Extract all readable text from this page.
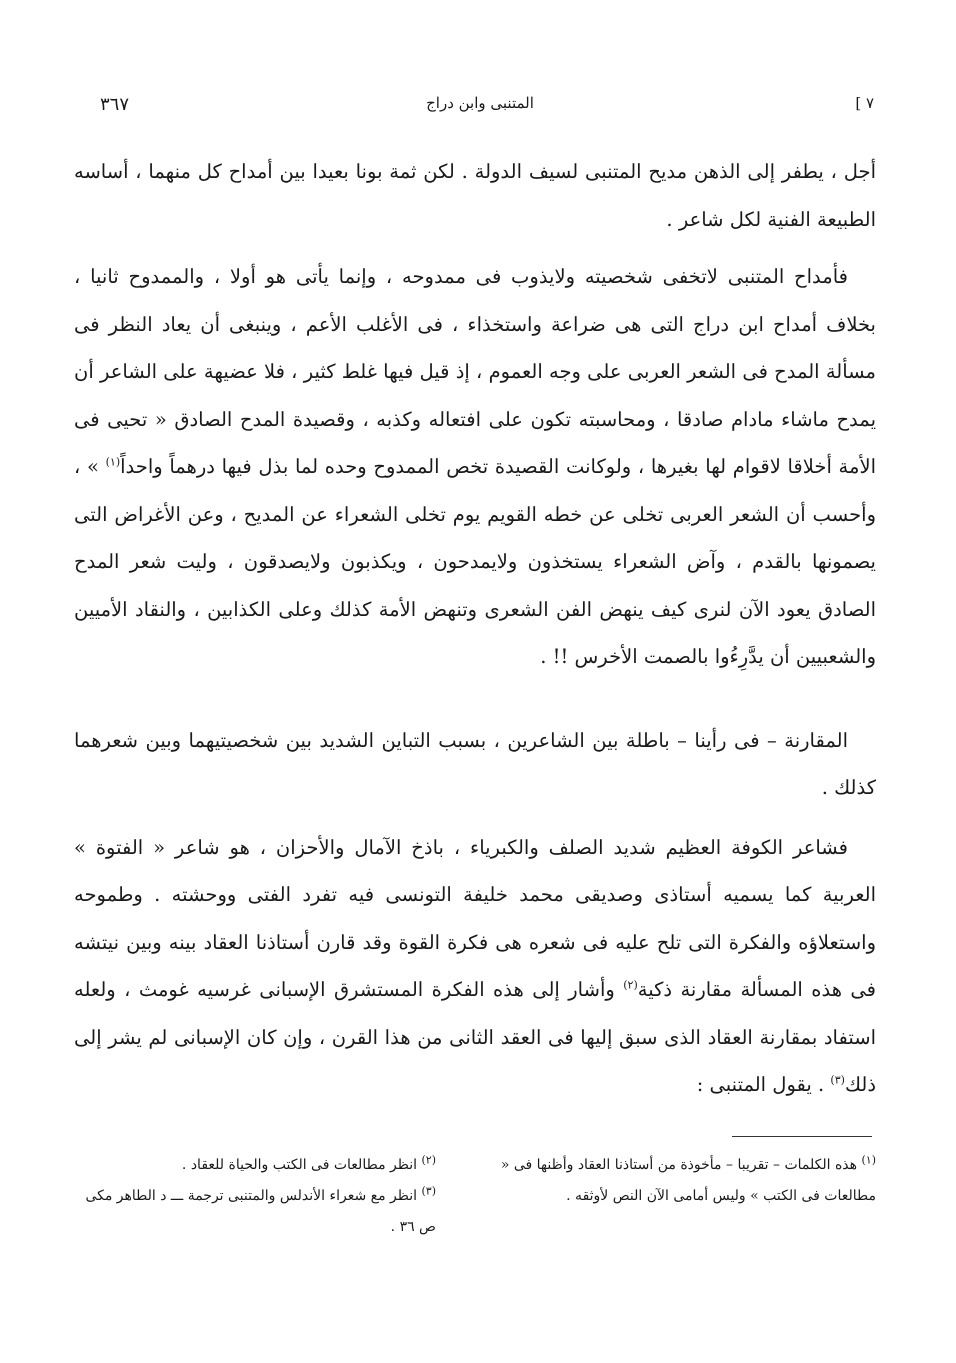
٣٦٧	المتنبى وابن دراج	[ ٧

أجل ، يطفر إلى الذهن مديح المتنبى لسيف الدولة . لكن ثمة بونا بعيدا بين أمداح كل منهما ، أساسه الطبيعة الفنية لكل شاعر .

فأمداح المتنبى لاتخفى شخصيته ولايذوب فى ممدوحه ، وإنما يأتى هو أولا ، والممدوح ثانيا ، بخلاف أمداح ابن دراج التى هى ضراعة واستخذاء ، فى الأغلب الأعم ، وينبغى أن يعاد النظر فى مسألة المدح فى الشعر العربى على وجه العموم ، إذ قيل فيها غلط كثير ، فلا عضيهة على الشاعر أن يمدح ماشاء مادام صادقا ، ومحاسبته تكون على افتعاله وكذبه ، وقصيدة المدح الصادق « تحيى فى الأمة أخلاقا لاقوام لها بغيرها ، ولوكانت القصيدة تخص الممدوح وحده لما بذل فيها درهماً واحداً$^{(١)}$ » ، وأحسب أن الشعر العربى تخلى عن خطه القويم يوم تخلى الشعراء عن المديح ، وعن الأغراض التى يصمونها بالقدم ، وآض الشعراء يستخذون ولايمدحون ، ويكذبون ولايصدقون ، وليت شعر المدح الصادق يعود الآن لنرى كيف ينهض الفن الشعرى وتنهض الأمة كذلك وعلى الكذابين ، والنقاد الأميين والشعبيين أن يدَّرِءُوا بالصمت الأخرس !! .

المقارنة – فى رأينا – باطلة بين الشاعرين ، بسبب التباين الشديد بين شخصيتيهما وبين شعرهما كذلك .

فشاعر الكوفة العظيم شديد الصلف والكبرياء ، باذخ الآمال والأحزان ، هو شاعر « الفتوة » العربية كما يسميه أستاذى وصديقى محمد خليفة التونسى فيه تفرد الفتى ووحشته . وطموحه واستعلاؤه والفكرة التى تلح عليه فى شعره هى فكرة القوة وقد قارن أستاذنا العقاد بينه وبين نيتشه فى هذه المسألة مقارنة ذكية$^{(٢)}$ وأشار إلى هذه الفكرة المستشرق الإسبانى غرسيه غومث ، ولعله استفاد بمقارنة العقاد الذى سبق إليها فى العقد الثانى من هذا القرن ، وإن كان الإسبانى لم يشر إلى ذلك$^{(٣)}$ . يقول المتنبى :

$^{(١)}$ هذه الكلمات – تقريبا – مأخوذة من أستاذنا العقاد وأظنها فى « مطالعات فى الكتب » وليس أمامى الآن النص لأوثقه .

$^{(٢)}$ انظر مطالعات فى الكتب والحياة للعقاد .

$^{(٣)}$ انظر مع شعراء الأندلس والمتنبى ترجمة ـــ د الطاهر مكى ص ٣٦ .
